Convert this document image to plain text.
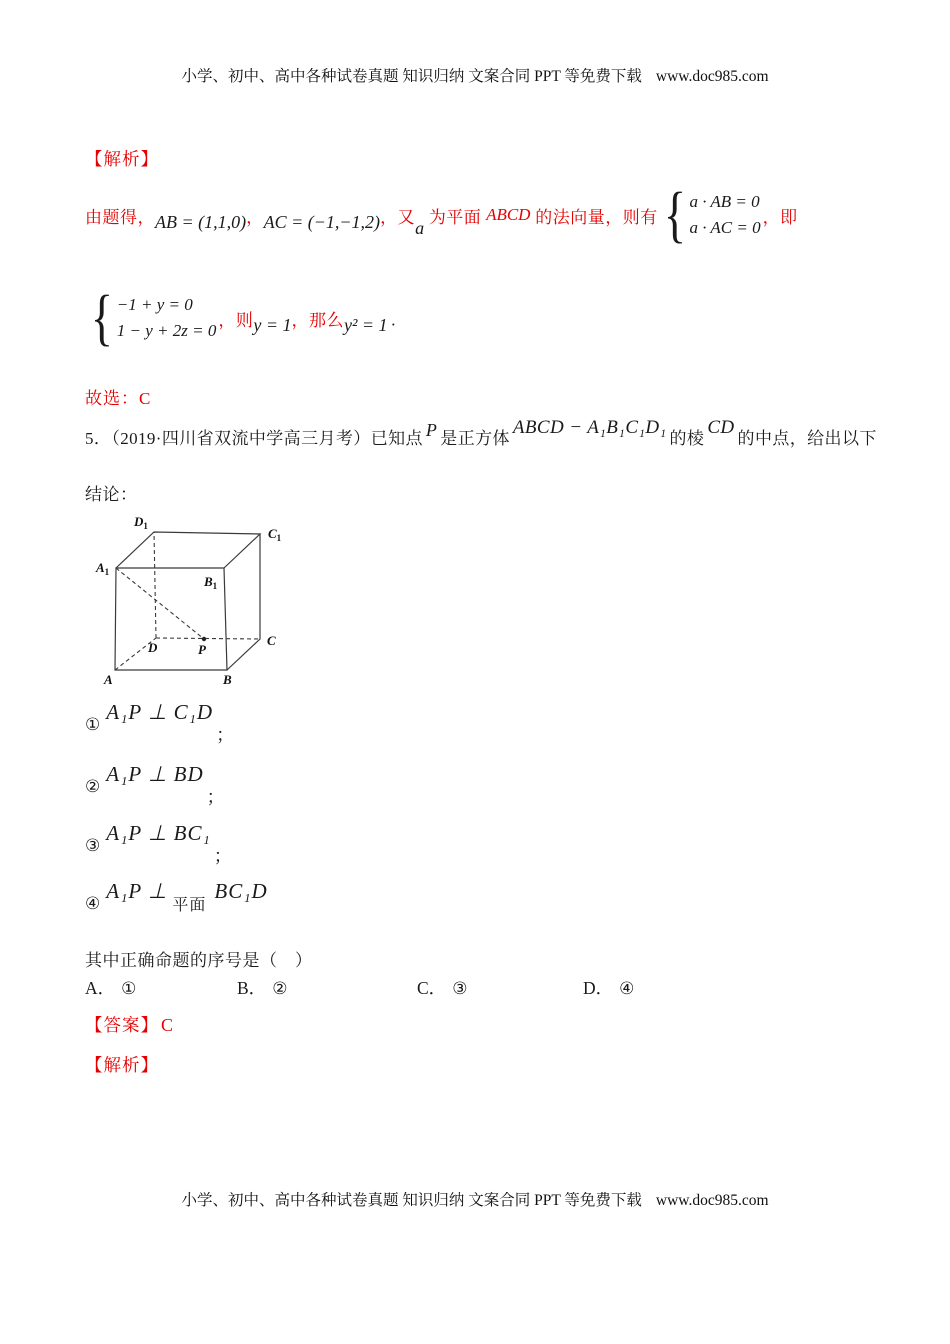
小学、初中、高中各种试卷真题 知识归纳 文案合同 PPT 等免费下载 www.doc985.com
【解析】
由题得， AB = (1,1,0) ， AC = (−1,−1,2) ，又
a
为平面 ABCD 的法向量，则有 { a · AB = 0
a · AC = 0
，即
{ −1 + y = 0
1 − y + 2z = 0
，则 y = 1 ，那么 y² = 1 ·
故选：C
5．（2019·四川省双流中学高三月考）已知点 P 是正方体ABCD − A₁B₁C₁D₁的棱CD的中点，给出以下
结论：
$D_1$	$C_1$
$A_1$
$B_1$
D	P
C
A	B
①
A₁P ⊥ C₁D
；
②
A₁P ⊥ BD
；
③
A₁P ⊥ BC₁
；
④
A₁P ⊥
平面
BC₁D
其中正确命题的序号是（　）
A． ①	B． ②	C． ③	D． ④
【答案】 C
【解析】
小学、初中、高中各种试卷真题 知识归纳 文案合同 PPT 等免费下载 www.doc985.com
